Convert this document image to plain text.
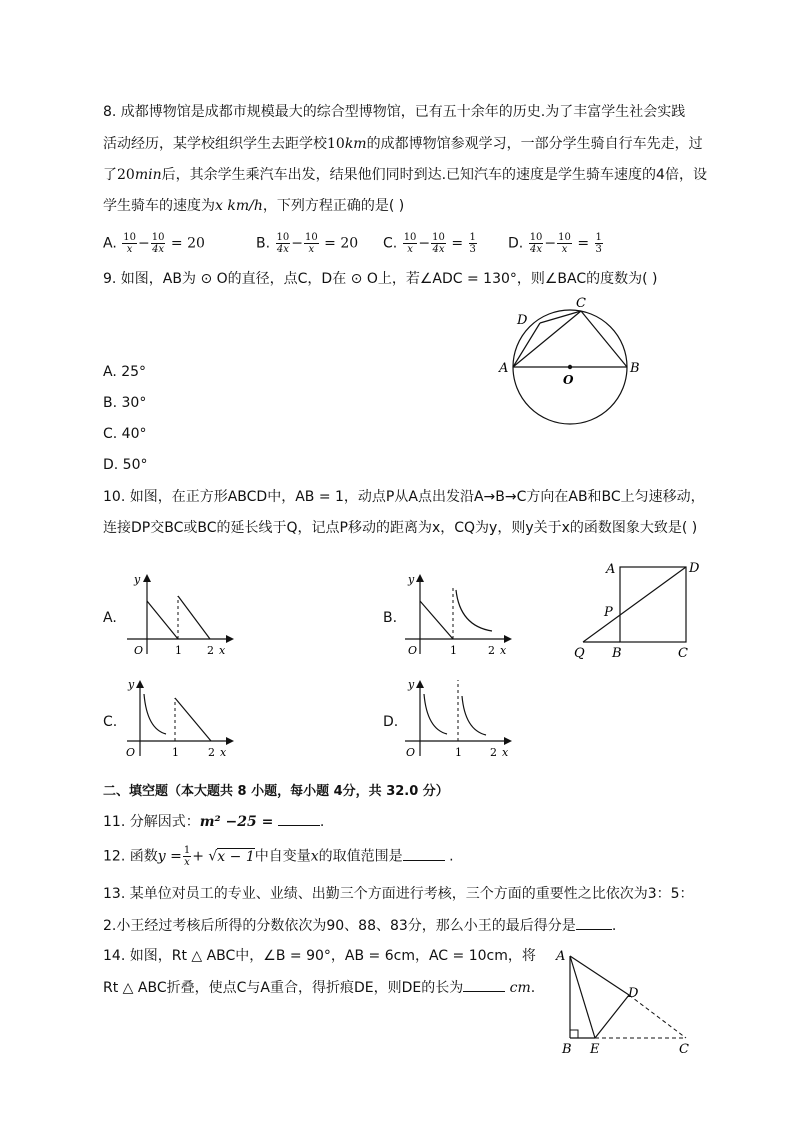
8. 成都博物馆是成都市规模最大的综合型博物馆，已有五十余年的历史.为了丰富学生社会实践
活动经历，某学校组织学生去距学校10km的成都博物馆参观学习，一部分学生骑自行车先走，过
了20min后，其余学生乘汽车出发，结果他们同时到达.已知汽车的速度是学生骑车速度的4倍，设
学生骑车的速度为x km/h，下列方程正确的是( )
A. $\frac{10}{x} - \frac{10}{4x} = 20$	B. $\frac{10}{4x} - \frac{10}{x} = 20$ C. $\frac{10}{x} - \frac{10}{4x} = \frac{1}{3} D$. $\frac{10}{4x} - \frac{10}{x} = \frac{1}{3}$
9. 如图，AB为 ⊙ O的直径，点C，D在 ⊙ O上，若∠ADC = 130°，则∠BAC的度数为( )
A. 25°
B. 30°
C. 40°
D. 50°
A	B
C
D
O
10. 如图，在正方形ABCD中，AB = 1，动点P从A点出发沿A→B→C方向在AB和BC上匀速移动，
连接DP交BC或BC的延长线于Q，记点P移动的距离为x，CQ为y，则y关于x的函数图象大致是( )
A.
y
O	1 2 x
B.
y
O	1	2 x
A	D
P
Q B	C
C.
y
O	1	2 x
D.
y
O	1	2 x
二、填空题（本大题共 8 小题，每小题 4分，共 32.0 分）
11. 分解因式：m² −25 =	.
12. 函数$y = \frac{1}{x} + √x - 1$中自变量x的取值范围是	.
13. 某单位对员工的专业、业绩、出勤三个方面进行考核，三个方面的重要性之比依次为3：5：
2.小王经过考核后所得的分数依次为90、88、83分，那么小王的最后得分是	.
14. 如图，Rt △ ABC中，∠B = 90°，AB = 6cm，AC = 10cm，将
Rt △ ABC折叠，使点C与A重合，得折痕DE，则DE的长为	cm.
A
B E	C
D
